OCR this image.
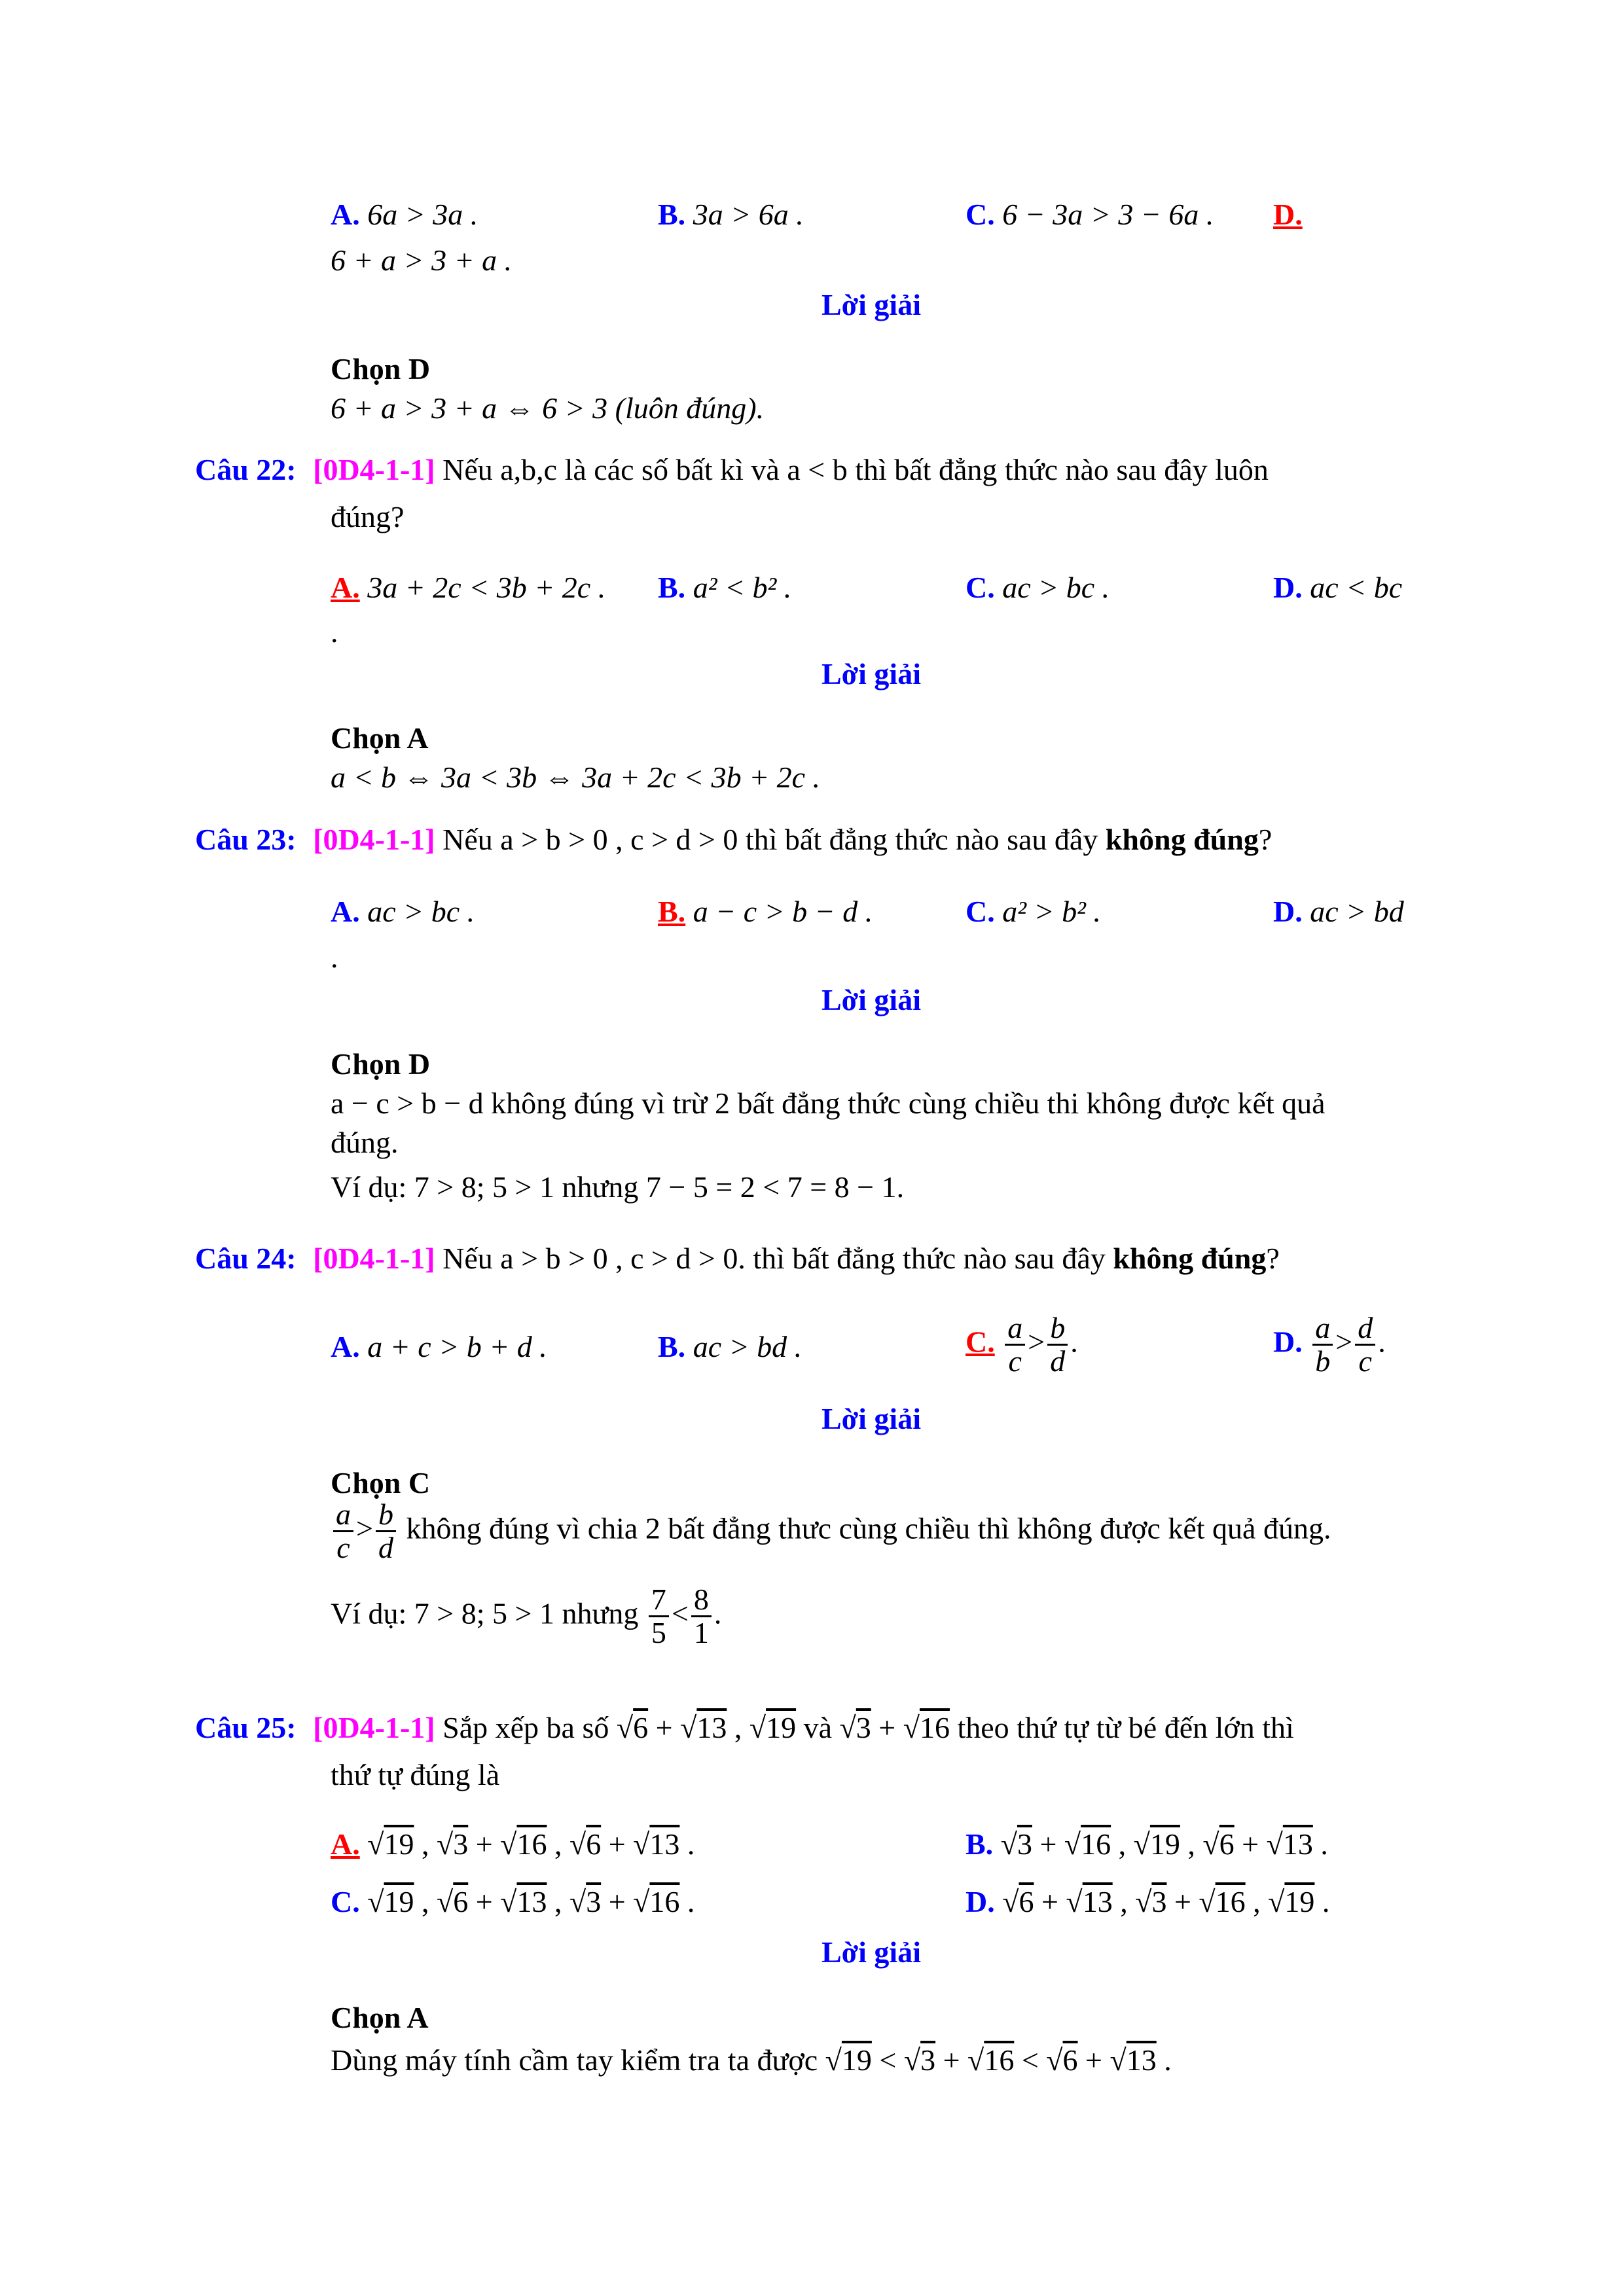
A. 6a > 3a .	B. 3a > 6a .	C. 6 − 3a > 3 − 6a . D.
6 + a > 3 + a .
Lời giải
Chọn D
6 + a > 3 + a ⇔ 6 > 3 (luôn đúng).
Câu 22: [0D4-1-1] Nếu a,b,c là các số bất kì và a < b thì bất đẳng thức nào sau đây luôn
đúng?
A. 3a + 2c < 3b + 2c . B. a² < b² .	C. ac > bc .	D. ac < bc
.
Lời giải
Chọn A
a < b ⇔ 3a < 3b ⇔ 3a + 2c < 3b + 2c .
Câu 23: [0D4-1-1] Nếu a > b > 0 , c > d > 0 thì bất đẳng thức nào sau đây không đúng?
A. ac > bc .	B. a − c > b − d .	C. a² > b² .	D. ac > bd
.
Lời giải
Chọn D
a − c > b − d không đúng vì trừ 2 bất đẳng thức cùng chiều thi không được kết quả
đúng.
Ví dụ: 7 > 8; 5 > 1 nhưng 7 − 5 = 2 < 7 = 8 − 1.
Câu 24: [0D4-1-1] Nếu a > b > 0 , c > d > 0. thì bất đẳng thức nào sau đây không đúng?
A. a + c > b + d .	B. ac > bd .	C. $\frac{a}{c} > \frac{b}{d}$ .	D. $\frac{a}{b} > \frac{d}{c}$ .
Lời giải
Chọn C
$\frac{a}{c} > \frac{b}{d}$ không đúng vì chia 2 bất đẳng thưc cùng chiều thì không được kết quả đúng.
Ví dụ: 7 > 8; 5 > 1 nhưng $\frac{7}{5} < \frac{8}{1}$ .
Câu 25: [0D4-1-1] Sắp xếp ba số √6 + √13 , √19 và √3 + √16 theo thứ tự từ bé đến lớn thì
thứ tự đúng là
A. √19 , √3 + √16 , √6 + √13 .	B. √3 + √16 , √19 , √6 + √13 .
C. √19 , √6 + √13 , √3 + √16 .	D. √6 + √13 , √3 + √16 , √19 .
Lời giải
Chọn A
Dùng máy tính cầm tay kiểm tra ta được √19 < √3 + √16 < √6 + √13 .
